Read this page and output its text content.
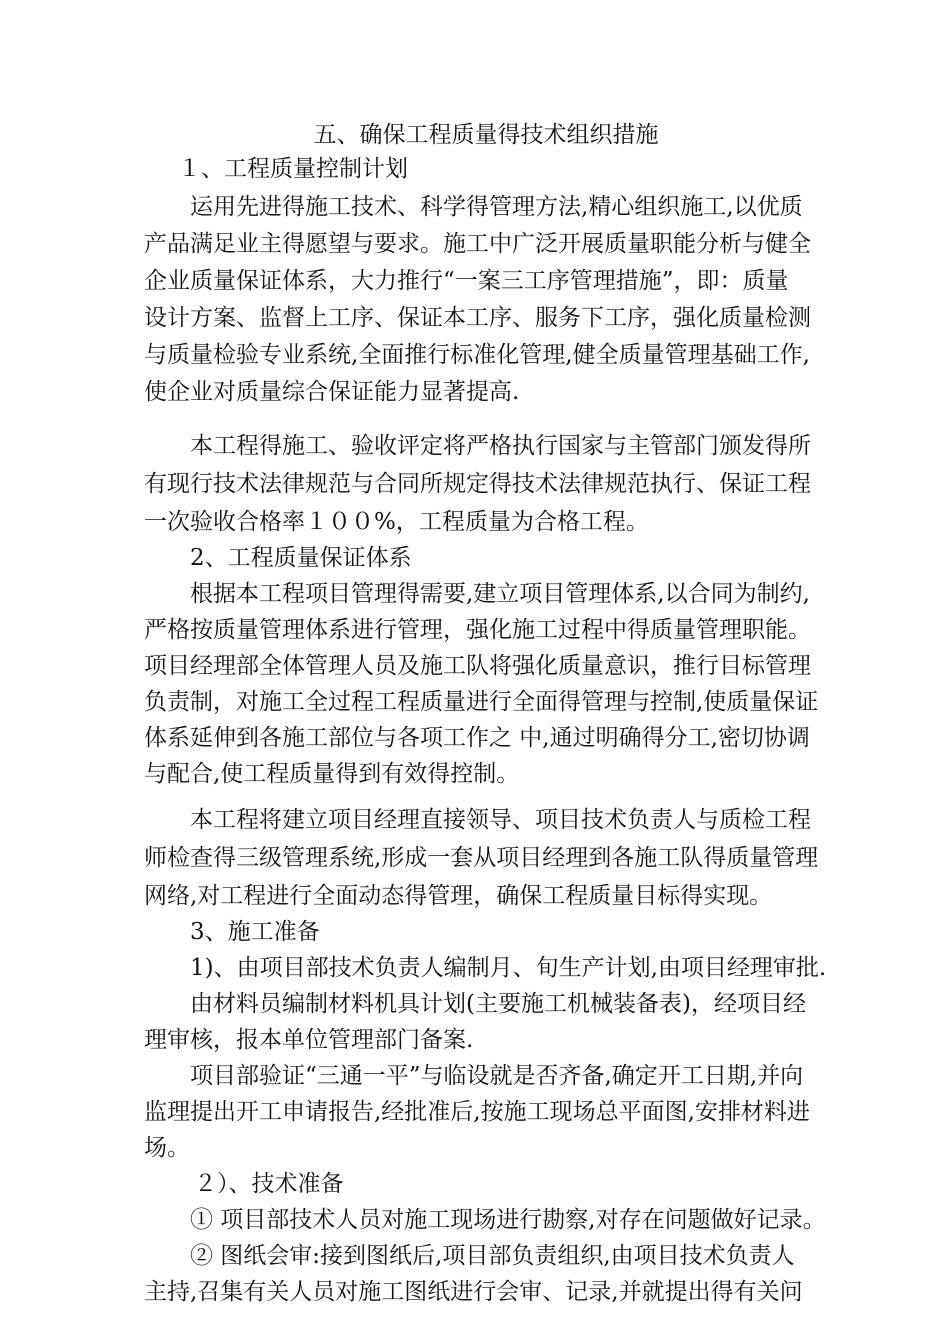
五、确保工程质量得技术组织措施
１、工程质量控制计划
运用先进得施工技术、科学得管理方法,精心组织施工,以优质
产品满足业主得愿望与要求。施工中广泛开展质量职能分析与健全
企业质量保证体系，大力推行“一案三工序管理措施”，即：质量
设计方案、监督上工序、保证本工序、服务下工序，强化质量检测
与质量检验专业系统,全面推行标准化管理,健全质量管理基础工作,
使企业对质量综合保证能力显著提高.
本工程得施工、验收评定将严格执行国家与主管部门颁发得所
有现行技术法律规范与合同所规定得技术法律规范执行、保证工程
一次验收合格率１００%，工程质量为合格工程。
2、工程质量保证体系
根据本工程项目管理得需要,建立项目管理体系,以合同为制约,
严格按质量管理体系进行管理，强化施工过程中得质量管理职能。
项目经理部全体管理人员及施工队将强化质量意识，推行目标管理
负责制，对施工全过程工程质量进行全面得管理与控制,使质量保证
体系延伸到各施工部位与各项工作之 中,通过明确得分工,密切协调
与配合,使工程质量得到有效得控制。
本工程将建立项目经理直接领导、项目技术负责人与质检工程
师检查得三级管理系统,形成一套从项目经理到各施工队得质量管理
网络,对工程进行全面动态得管理，确保工程质量目标得实现。
3、施工准备
1)、由项目部技术负责人编制月、旬生产计划,由项目经理审批.
由材料员编制材料机具计划(主要施工机械装备表)，经项目经
理审核，报本单位管理部门备案.
项目部验证“三通一平”与临设就是否齐备,确定开工日期,并向
监理提出开工申请报告,经批准后,按施工现场总平面图,安排材料进
场。
２）、技术准备
① 项目部技术人员对施工现场进行勘察,对存在问题做好记录。
② 图纸会审:接到图纸后,项目部负责组织,由项目技术负责人
主持,召集有关人员对施工图纸进行会审、记录,并就提出得有关问
